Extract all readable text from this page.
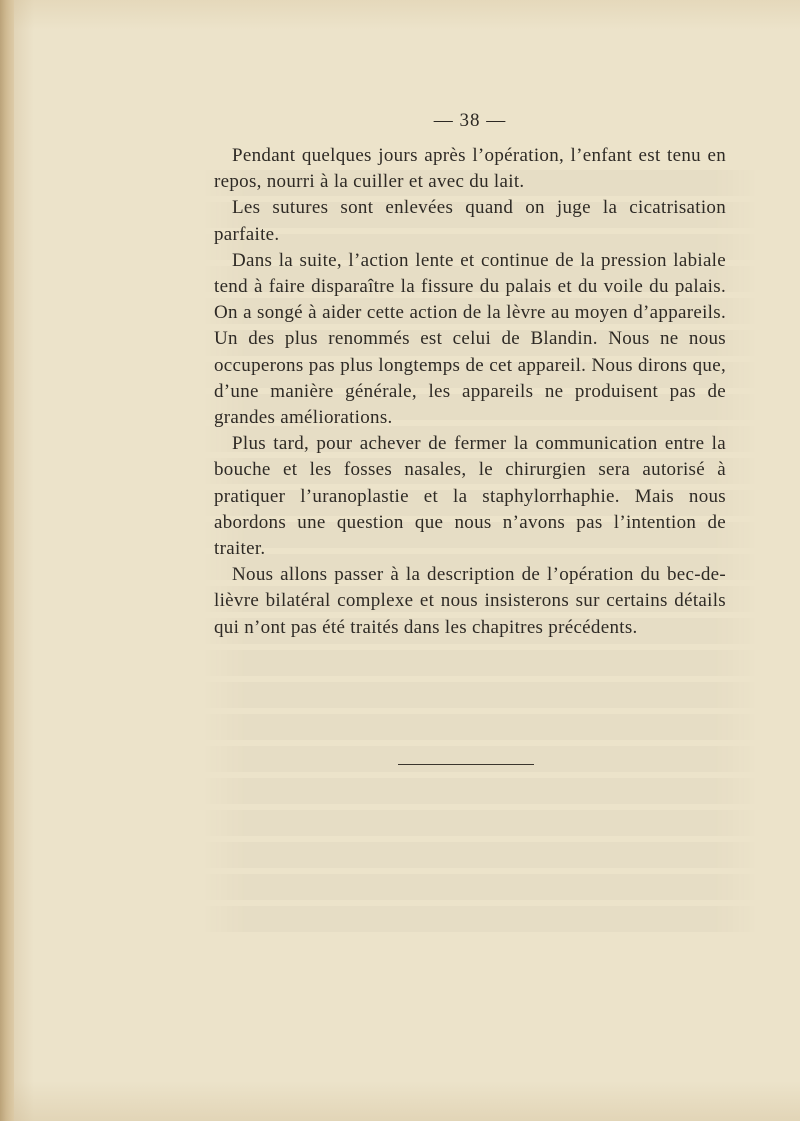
— 38 —

Pendant quelques jours après l’opération, l’enfant est tenu en repos, nourri à la cuiller et avec du lait.

Les sutures sont enlevées quand on juge la cicatrisation parfaite.

Dans la suite, l’action lente et continue de la pression labiale tend à faire disparaître la fissure du palais et du voile du palais. On a songé à aider cette action de la lèvre au moyen d’appareils. Un des plus renommés est celui de Blandin. Nous ne nous occuperons pas plus longtemps de cet appareil. Nous dirons que, d’une manière générale, les appareils ne produisent pas de grandes améliorations.

Plus tard, pour achever de fermer la communication entre la bouche et les fosses nasales, le chirurgien sera autorisé à pratiquer l’uranoplastie et la staphylorrhaphie. Mais nous abordons une question que nous n’avons pas l’intention de traiter.

Nous allons passer à la description de l’opération du bec-de-lièvre bilatéral complexe et nous insisterons sur certains détails qui n’ont pas été traités dans les chapitres précédents.
